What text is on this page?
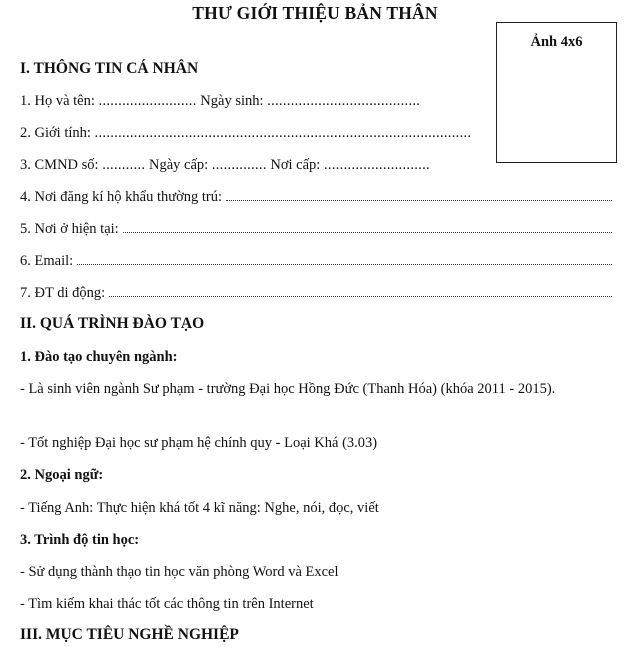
THƯ GIỚI THIỆU BẢN THÂN
Ảnh 4x6
I. THÔNG TIN CÁ NHÂN
1. Họ và tên: ......................... Ngày sinh: .......................................
2. Giới tính: ................................................................................................
3. CMND số: ........... Ngày cấp: .............. Nơi cấp: ...........................
4. Nơi đăng kí hộ khẩu thường trú:
5. Nơi ở hiện tại:
6. Email:
7. ĐT di động:
II. QUÁ TRÌNH ĐÀO TẠO
1. Đào tạo chuyên ngành:
- Là sinh viên ngành Sư phạm - trường Đại học Hồng Đức (Thanh Hóa) (khóa 2011 - 2015).
- Tốt nghiệp Đại học sư phạm hệ chính quy - Loại Khá (3.03)
2. Ngoại ngữ:
- Tiếng Anh: Thực hiện khá tốt 4 kĩ năng: Nghe, nói, đọc, viết
3. Trình độ tin học:
- Sử dụng thành thạo tin học văn phòng Word và Excel
- Tìm kiếm khai thác tốt các thông tin trên Internet
III. MỤC TIÊU NGHỀ NGHIỆP
